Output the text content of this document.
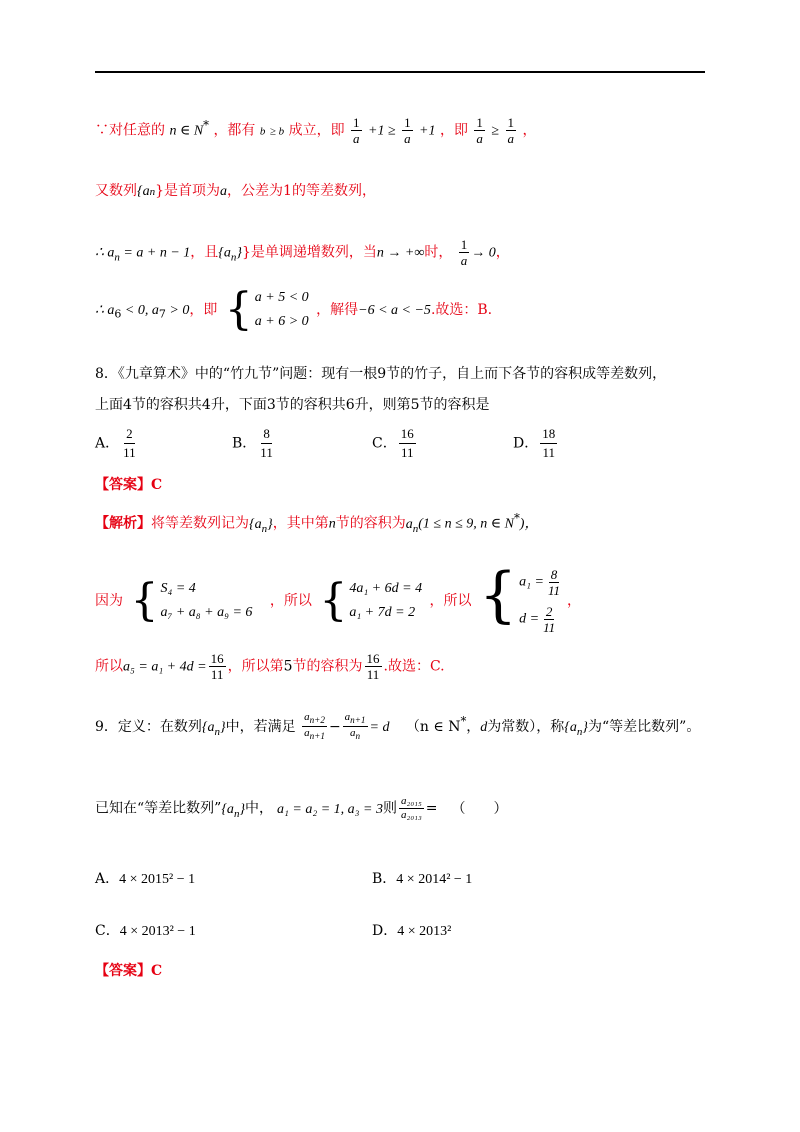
∵对任意的 n ∈ N* ，都有 b ≥ b 成立，即 $\frac{1}{a} +1 \ge \frac{1}{a} +1$ ，即 $\frac{1}{a} \ge \frac{1}{a}$ ，
又数列{an}是首项为a，公差为1的等差数列，
∴ $a_n = a + n - 1$，且$\{a_n\}$}是单调递增数列，当n → +∞时， $\frac{1}{a} \to 0$，
∴ $a_6 < 0$, $a_7 > 0$，即 { a + 5 < 0
a + 6 > 0
，解得−6 < a < −5.故选：B.
8．《九章算术》中的“竹九节”问题：现有一根9节的竹子，自上而下各节的容积成等差数列，
上面4节的容积共4升，下面3节的容积共6升，则第5节的容积是
A． $\frac{2}{11}$	B． $\frac{8}{11}$	C． $\frac{16}{11}$	D． $\frac{18}{11}$
【答案】C
【解析】将等差数列记为$\{a_n\}$，其中第n节的容积为$a_n(1 \le n \le 9$, n ∈ N*)，
因为 { S₄ = 4
a₇ + a₈ + a₉ = 6
，所以 { 4a₁ + 6d = 4
a₁ + 7d = 2
，所以 { $a_1 = \frac{8}{11}$
$d = \frac{2}{11}$
，
所以$a_5 = a_1 + 4d = \frac{16}{11}$ ，所以第5节的容积为 $\frac{16}{11}$ .故选：C.
9．定义：在数列$\{a_n\}$中，若满足 $\frac{a_{n+2}}{a_{n+1}} - \frac{a_{n+1}}{a_n} = d$ （n ∈ N*，d为常数），称$\{a_n\}$为“等差比数列”。
已知在“等差比数列$”\{a_n\}$中， a₁ = a₂ = 1, a₃ = 3则 $\frac{\text{a₂₀₁₅}}{\text{a₂₀₁₃}}$ = （　　）
A．4 × 2015² − 1	B．4 × 2014² − 1
C．4 × 2013² − 1	D．4 × 2013²
【答案】C
